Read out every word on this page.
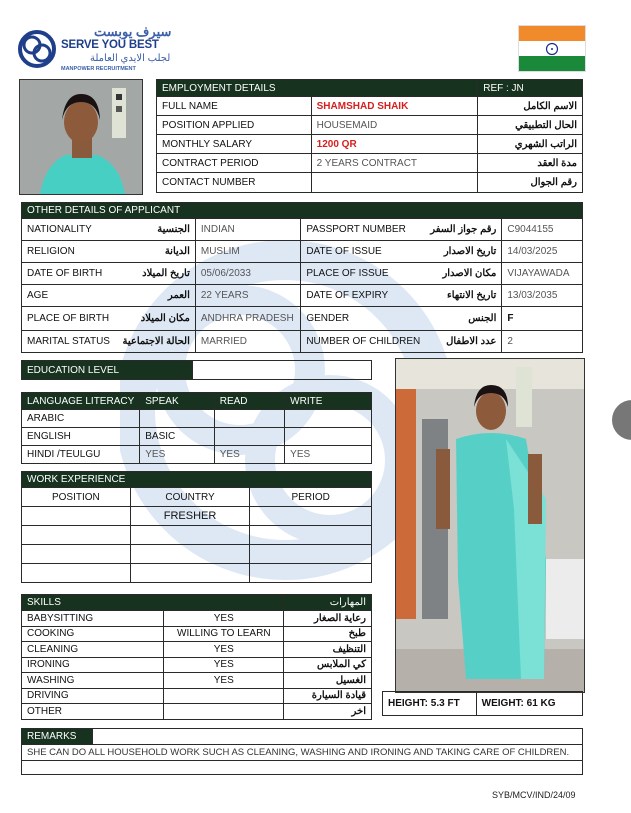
سيرف يوبست
SERVE YOU BEST
لجلب الايدي العاملة
MANPOWER RECRUITMENT
EMPLOYMENT DETAILS		REF : JN
FULL NAME	SHAMSHAD SHAIK	الاسم الكامل
POSITION APPLIED	HOUSEMAID	الحال التطبيقي
MONTHLY SALARY	1200 QR	الراتب الشهري
CONTRACT PERIOD	2 YEARS CONTRACT	مدة العقد
CONTACT NUMBER		رقم الجوال
OTHER DETAILS OF APPLICANT					
NATIONALITY	الجنسية	INDIAN	PASSPORT NUMBER	رقم جواز السفر	C9044155
RELIGION	الديانة	MUSLIM	DATE OF ISSUE	تاريخ الاصدار	14/03/2025
DATE OF BIRTH	تاريخ الميلاد	05/06/2033	PLACE OF ISSUE	مكان الاصدار	VIJAYAWADA
AGE	العمر	22 YEARS	DATE OF EXPIRY	تاريخ الانتهاء	13/03/2035
PLACE OF BIRTH	مكان الميلاد	ANDHRA PRADESH	GENDER	الجنس	F
MARITAL STATUS	الحالة الاجتماعية	MARRIED	NUMBER OF CHILDREN	عدد الاطفال	2
EDUCATION LEVEL	
LANGUAGE LITERACY	SPEAK	READ	WRITE
ARABIC			
ENGLISH	BASIC		
HINDI /TEULGU	YES	YES	YES
WORK EXPERIENCE		
POSITION	COUNTRY	PERIOD
	FRESHER	

SKILLS		المهارات
BABYSITTING	YES	رعاية الصغار
COOKING	WILLING TO LEARN	طبخ
CLEANING	YES	التنظيف
IRONING	YES	كي الملابس
WASHING	YES	الغسيل
DRIVING		قيادة السيارة
OTHER		اخر
HEIGHT: 5.3 FT	WEIGHT: 61 KG
REMARKS	
SHE CAN DO ALL HOUSEHOLD WORK SUCH AS CLEANING, WASHING AND IRONING AND TAKING CARE OF CHILDREN.

SYB/MCV/IND/24/09
